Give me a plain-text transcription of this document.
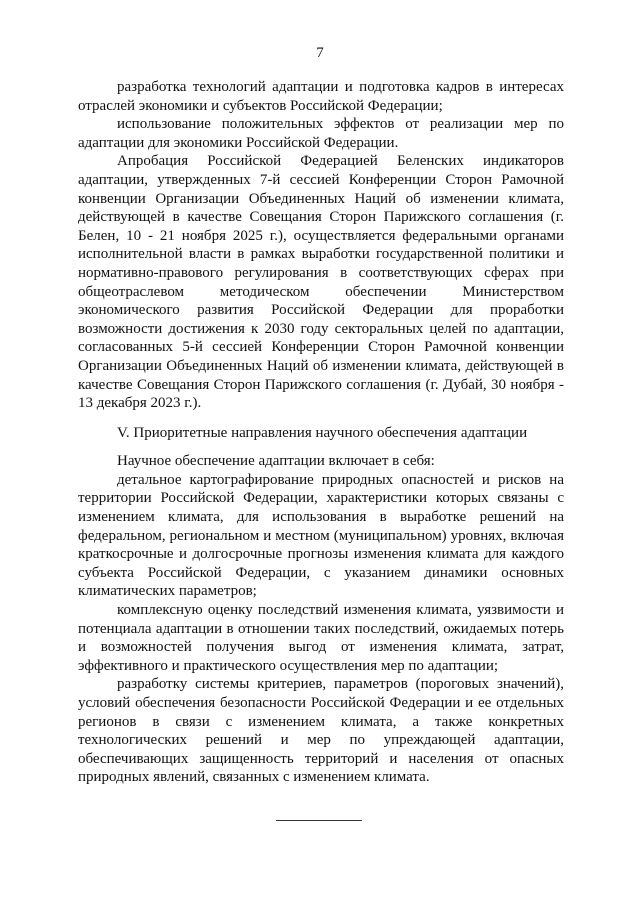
7

разработка технологий адаптации и подготовка кадров в интересах отраслей экономики и субъектов Российской Федерации;

использование положительных эффектов от реализации мер по адаптации для экономики Российской Федерации.

Апробация Российской Федерацией Беленских индикаторов адаптации, утвержденных 7-й сессией Конференции Сторон Рамочной конвенции Организации Объединенных Наций об изменении климата, действующей в качестве Совещания Сторон Парижского соглашения (г. Белен, 10 - 21 ноября 2025 г.), осуществляется федеральными органами исполнительной власти в рамках выработки государственной политики и нормативно-правового регулирования в соответствующих сферах при общеотраслевом методическом обеспечении Министерством экономического развития Российской Федерации для проработки возможности достижения к 2030 году секторальных целей по адаптации, согласованных 5-й сессией Конференции Сторон Рамочной конвенции Организации Объединенных Наций об изменении климата, действующей в качестве Совещания Сторон Парижского соглашения (г. Дубай, 30 ноября - 13 декабря 2023 г.).

V. Приоритетные направления научного обеспечения адаптации

Научное обеспечение адаптации включает в себя:

детальное картографирование природных опасностей и рисков на территории Российской Федерации, характеристики которых связаны с изменением климата, для использования в выработке решений на федеральном, региональном и местном (муниципальном) уровнях, включая краткосрочные и долгосрочные прогнозы изменения климата для каждого субъекта Российской Федерации, с указанием динамики основных климатических параметров;

комплексную оценку последствий изменения климата, уязвимости и потенциала адаптации в отношении таких последствий, ожидаемых потерь и возможностей получения выгод от изменения климата, затрат, эффективного и практического осуществления мер по адаптации;

разработку системы критериев, параметров (пороговых значений), условий обеспечения безопасности Российской Федерации и ее отдельных регионов в связи с изменением климата, а также конкретных технологических решений и мер по упреждающей адаптации, обеспечивающих защищенность территорий и населения от опасных природных явлений, связанных с изменением климата.
